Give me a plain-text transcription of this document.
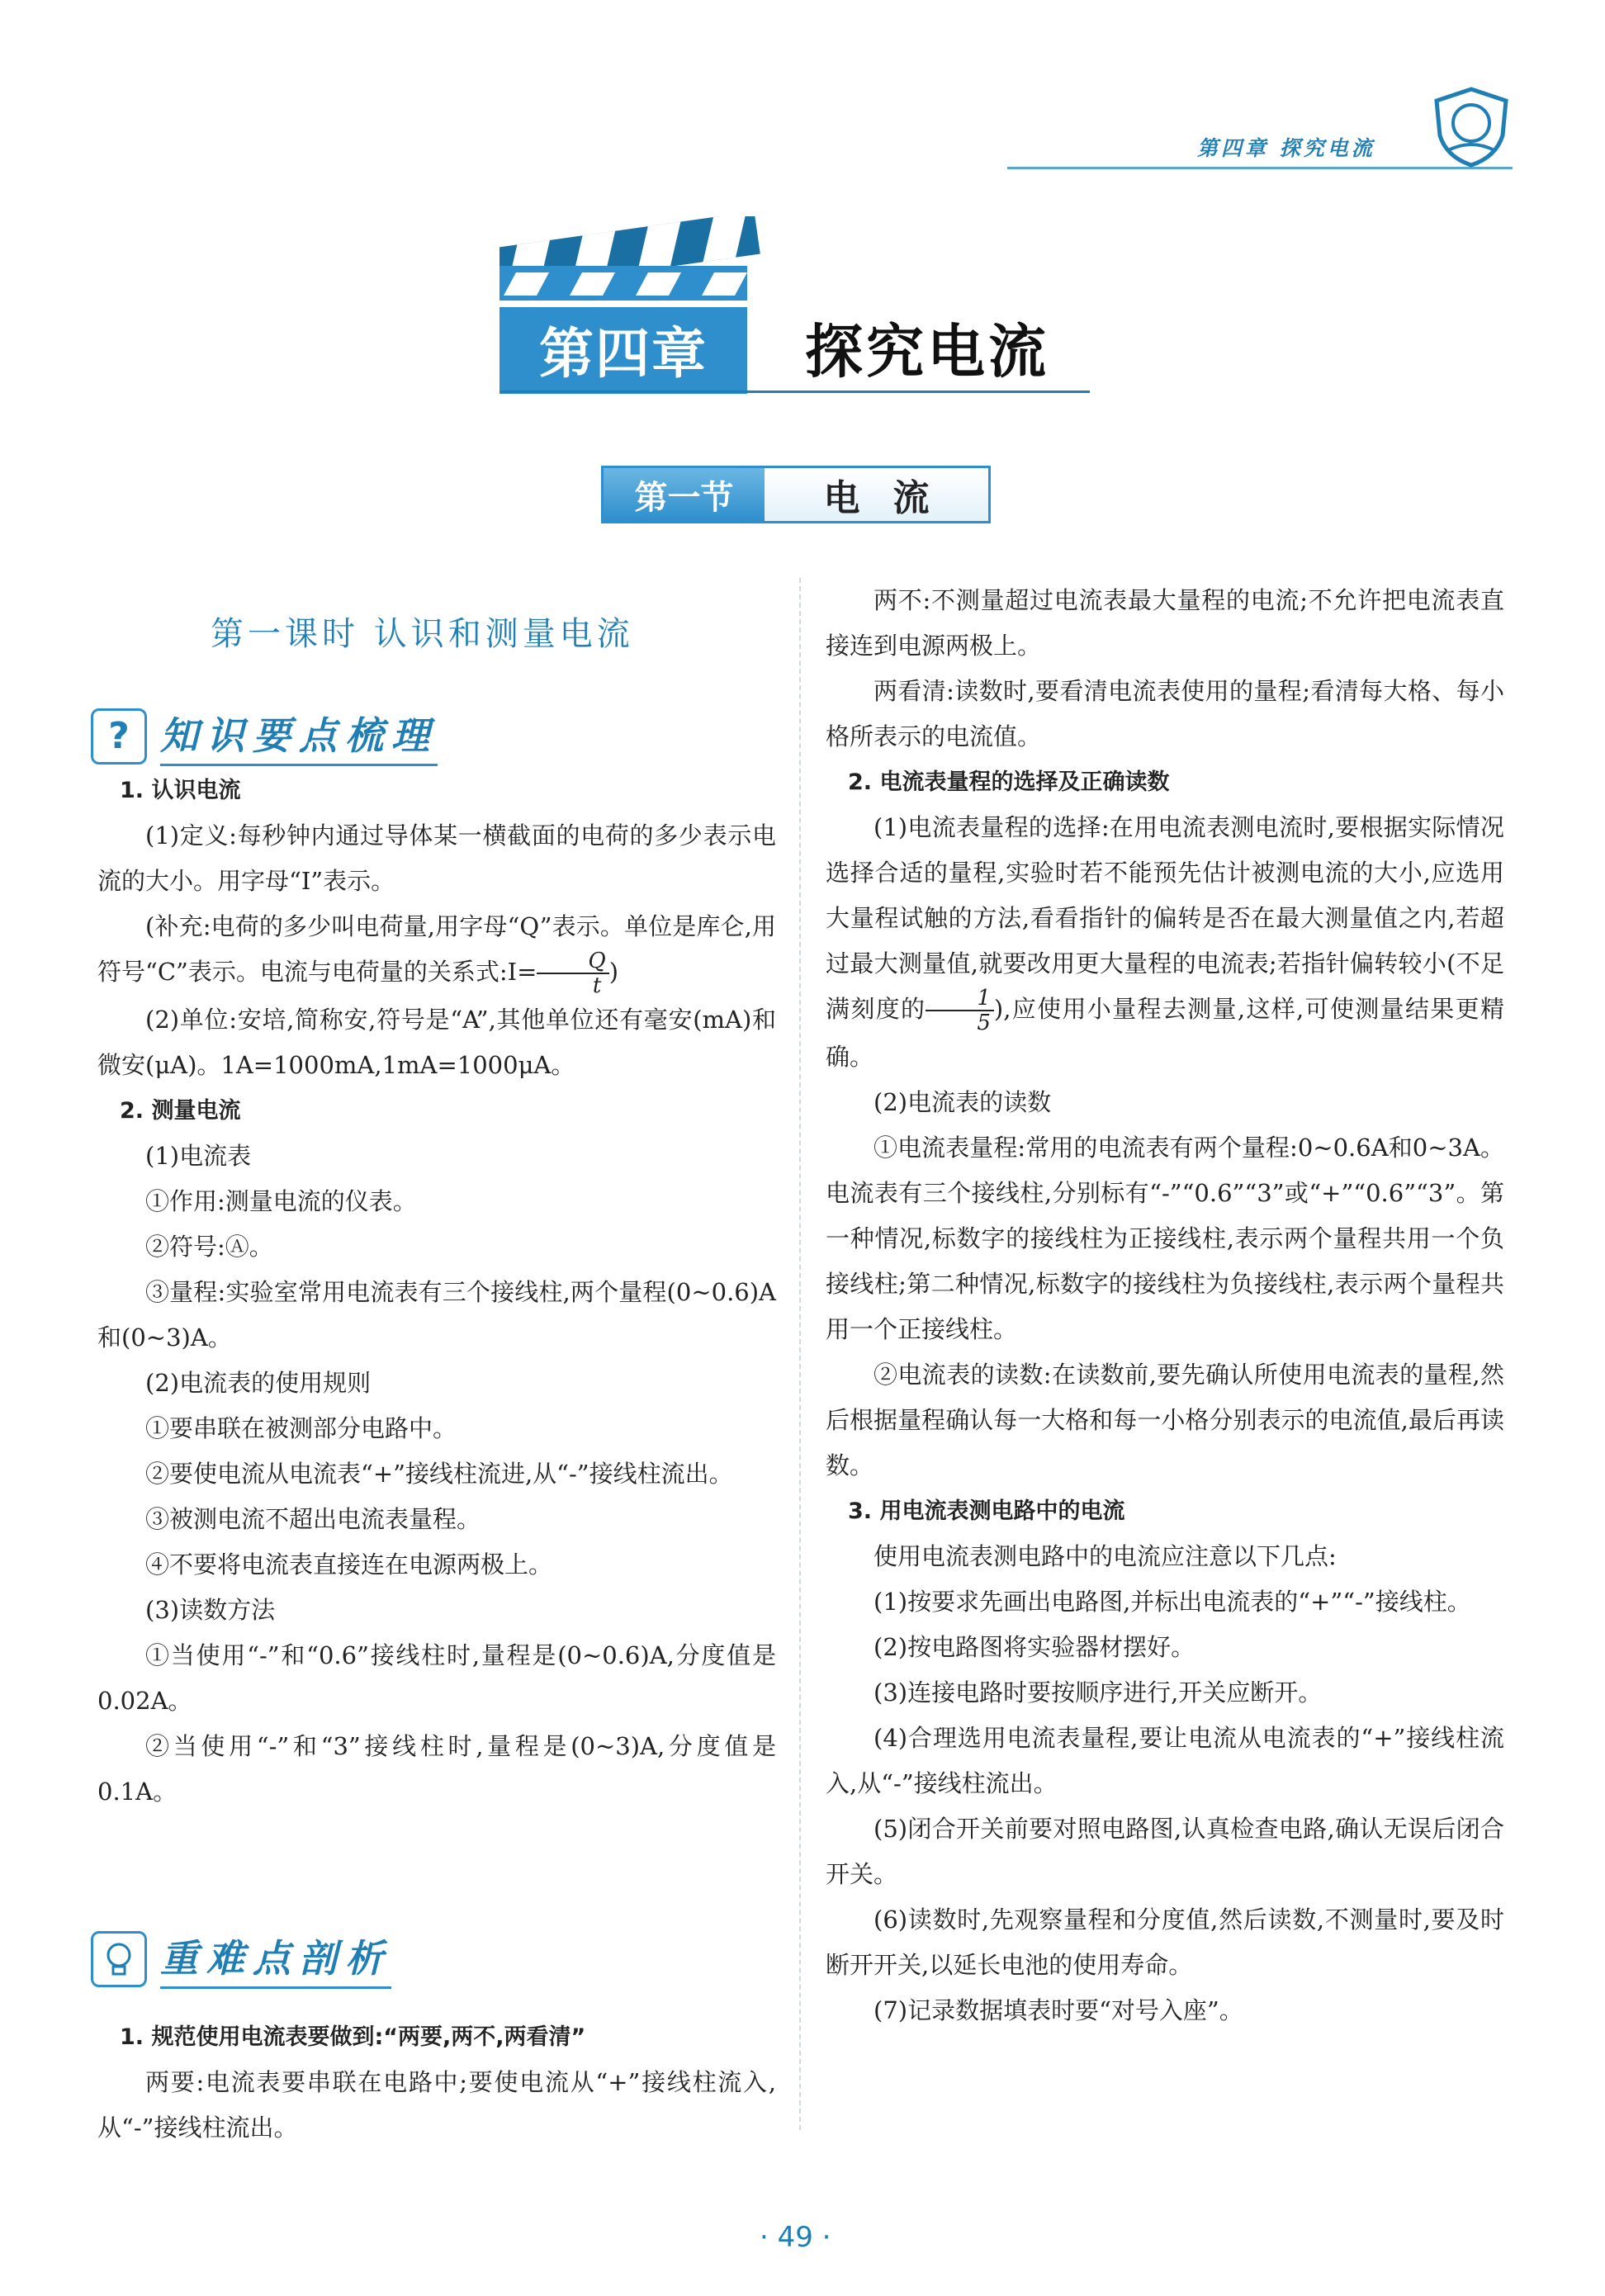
第四章 探究电流
第四章	探究电流
第一节	电流
第一课时 认识和测量电流
? 知识要点梳理

1. 认识电流

(1)定义:每秒钟内通过导体某一横截面的电荷的多少表示电流的大小。用字母“I”表示。

(补充:电荷的多少叫电荷量,用字母“Q”表示。单位是库仑,用符号“C”表示。电流与电荷量的关系式:I= $\frac{Q}{t}$ )

(2)单位:安培,简称安,符号是“A”,其他单位还有毫安(mA)和微安(μA)。1A=1000mA,1mA=1000μA。

2. 测量电流

(1)电流表

①作用:测量电流的仪表。

②符号:Ⓐ。

③量程:实验室常用电流表有三个接线柱,两个量程(0~0.6)A和(0~3)A。

(2)电流表的使用规则

①要串联在被测部分电路中。

②要使电流从电流表“+”接线柱流进,从“-”接线柱流出。

③被测电流不超出电流表量程。

④不要将电流表直接连在电源两极上。

(3)读数方法

①当使用“-”和“0.6”接线柱时,量程是(0~0.6)A,分度值是0.02A。

②当使用“-”和“3”接线柱时,量程是(0~3)A,分度值是0.1A。

重难点剖析

1. 规范使用电流表要做到:“两要,两不,两看清”

两要:电流表要串联在电路中;要使电流从“+”接线柱流入,从“-”接线柱流出。

两不:不测量超过电流表最大量程的电流;不允许把电流表直接连到电源两极上。

两看清:读数时,要看清电流表使用的量程;看清每大格、每小格所表示的电流值。

2. 电流表量程的选择及正确读数

(1)电流表量程的选择:在用电流表测电流时,要根据实际情况选择合适的量程,实验时若不能预先估计被测电流的大小,应选用大量程试触的方法,看看指针的偏转是否在最大测量值之内,若超过最大测量值,就要改用更大量程的电流表;若指针偏转较小(不足满刻度的 $\frac{1}{5}$ ),应使用小量程去测量,这样,可使测量结果更精确。

(2)电流表的读数

①电流表量程:常用的电流表有两个量程:0~0.6A和0~3A。电流表有三个接线柱,分别标有“-”“0.6”“3”或“+”“0.6”“3”。第一种情况,标数字的接线柱为正接线柱,表示两个量程共用一个负接线柱;第二种情况,标数字的接线柱为负接线柱,表示两个量程共用一个正接线柱。

②电流表的读数:在读数前,要先确认所使用电流表的量程,然后根据量程确认每一大格和每一小格分别表示的电流值,最后再读数。

3. 用电流表测电路中的电流

使用电流表测电路中的电流应注意以下几点:

(1)按要求先画出电路图,并标出电流表的“+”“-”接线柱。

(2)按电路图将实验器材摆好。

(3)连接电路时要按顺序进行,开关应断开。

(4)合理选用电流表量程,要让电流从电流表的“+”接线柱流入,从“-”接线柱流出。

(5)闭合开关前要对照电路图,认真检查电路,确认无误后闭合开关。

(6)读数时,先观察量程和分度值,然后读数,不测量时,要及时断开开关,以延长电池的使用寿命。

(7)记录数据填表时要“对号入座”。

· 49 ·
